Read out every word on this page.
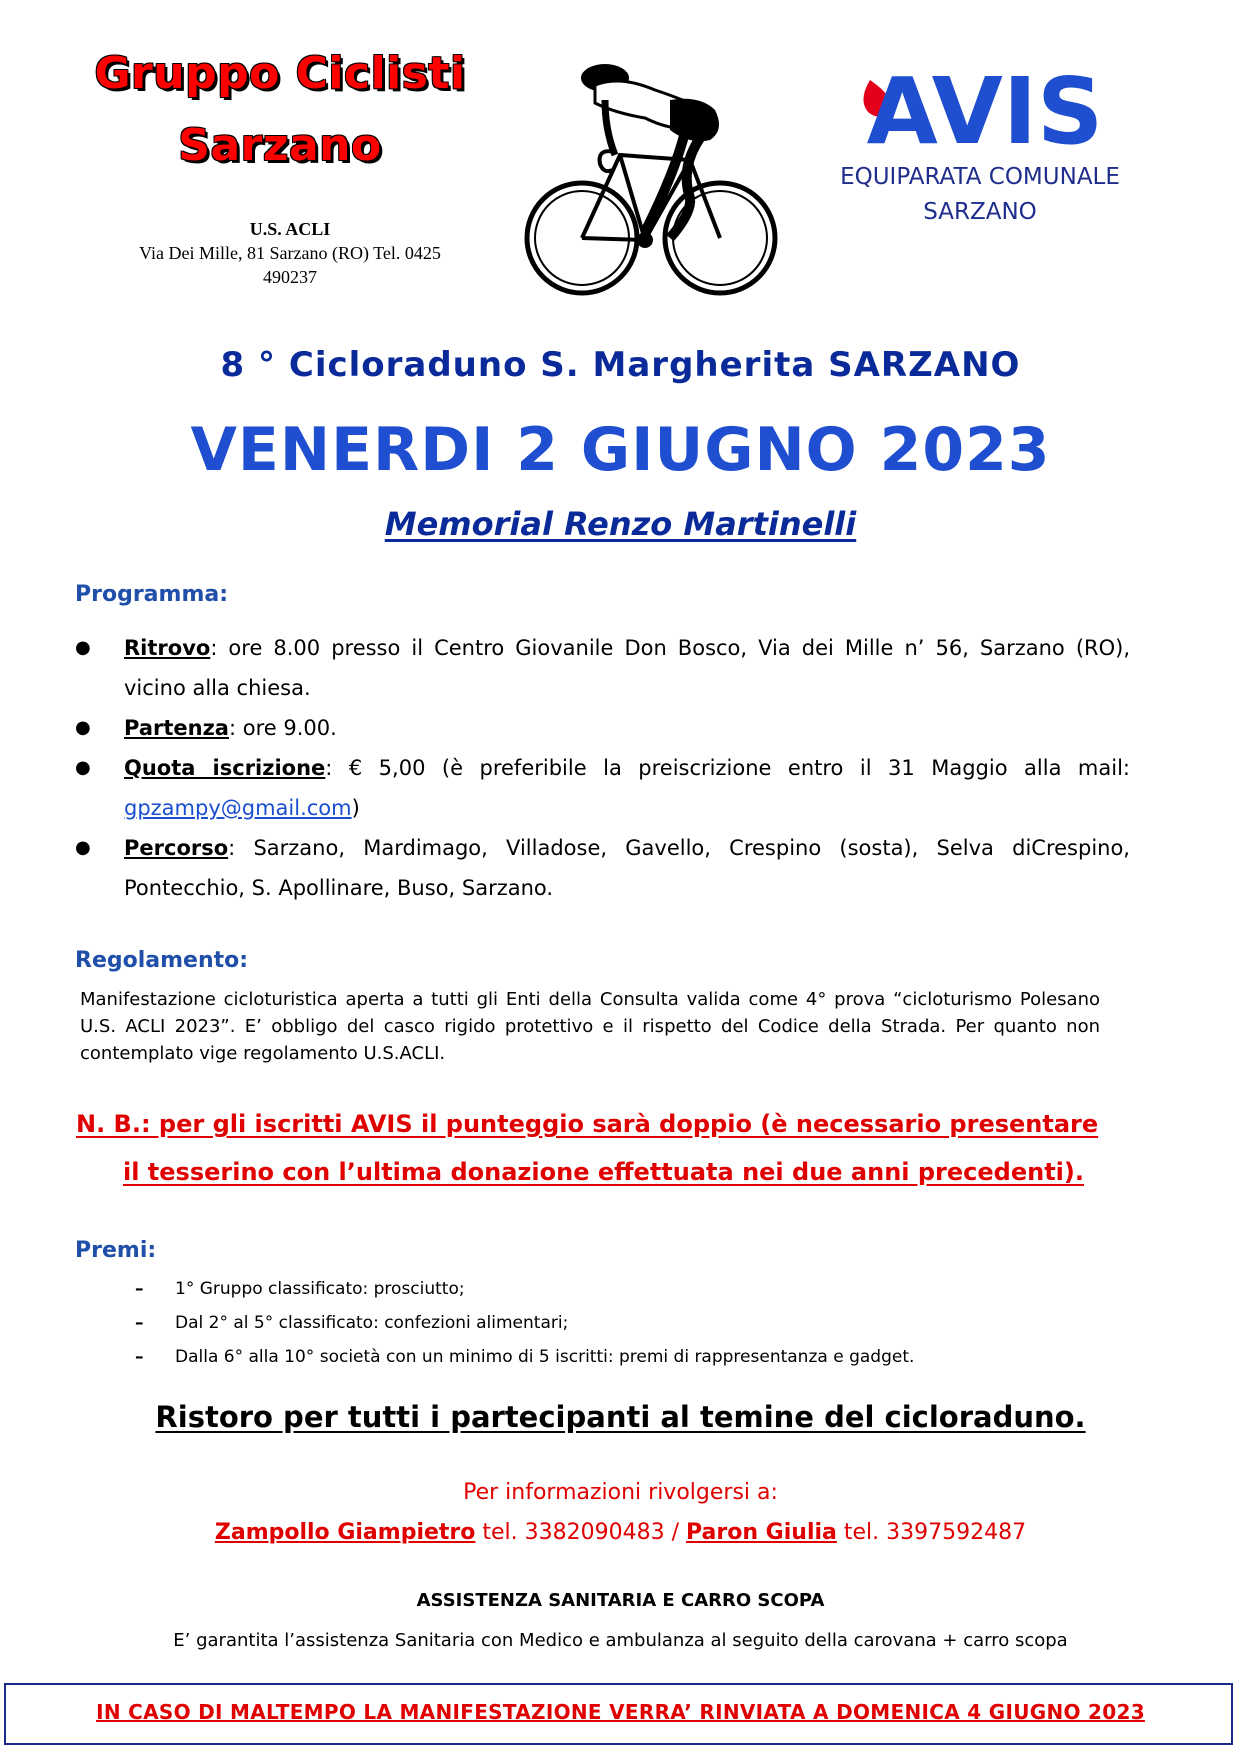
Gruppo Ciclisti
Sarzano
U.S. ACLI
Via Dei Mille, 81 Sarzano (RO) Tel. 0425
490237
AVIS
EQUIPARATA COMUNALE
SARZANO
8 ° Cicloraduno S. Margherita SARZANO
VENERDI 2 GIUGNO 2023
Memorial Renzo Martinelli
Programma:
● Ritrovo: ore 8.00 presso il Centro Giovanile Don Bosco, Via dei Mille n’ 56, Sarzano (RO), vicino alla chiesa.
● Partenza: ore 9.00.
● Quota iscrizione: € 5,00 (è preferibile la preiscrizione entro il 31 Maggio alla mail: gpzampy@gmail.com)
● Percorso: Sarzano, Mardimago, Villadose, Gavello, Crespino (sosta), Selva diCrespino, Pontecchio, S. Apollinare, Buso, Sarzano.
Regolamento:
Manifestazione cicloturistica aperta a tutti gli Enti della Consulta valida come 4° prova “cicloturismo Polesano U.S. ACLI 2023”. E’ obbligo del casco rigido protettivo e il rispetto del Codice della Strada. Per quanto non contemplato vige regolamento U.S.ACLI.
N. B.: per gli iscritti AVIS il punteggio sarà doppio (è necessario presentare
il tesserino con l’ultima donazione effettuata nei due anni precedenti).
Premi:
– 1° Gruppo classificato: prosciutto;
– Dal 2° al 5° classificato: confezioni alimentari;
– Dalla 6° alla 10° società con un minimo di 5 iscritti: premi di rappresentanza e gadget.
Ristoro per tutti i partecipanti al temine del cicloraduno.
Per informazioni rivolgersi a:
Zampollo Giampietro tel. 3382090483 / Paron Giulia tel. 3397592487
ASSISTENZA SANITARIA E CARRO SCOPA
E’ garantita l’assistenza Sanitaria con Medico e ambulanza al seguito della carovana + carro scopa
IN CASO DI MALTEMPO LA MANIFESTAZIONE VERRA’ RINVIATA A DOMENICA 4 GIUGNO 2023
